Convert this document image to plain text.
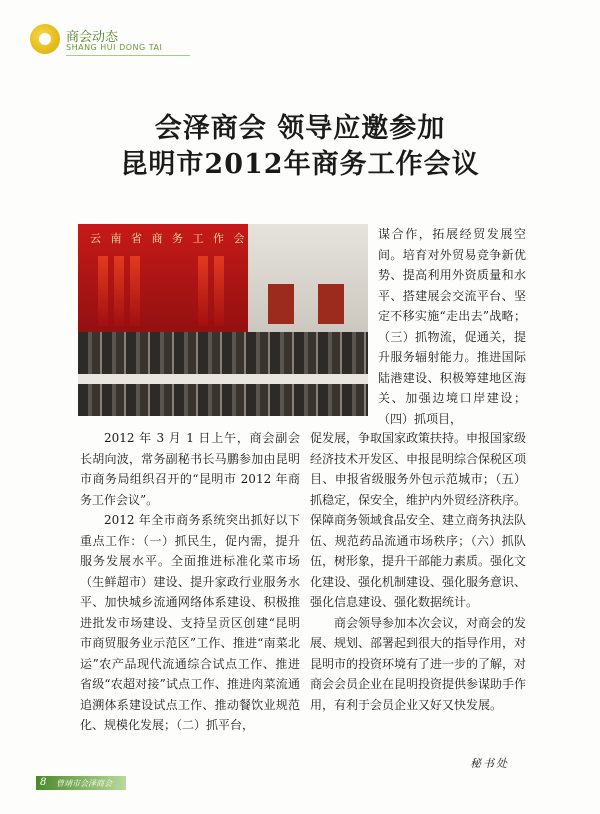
商会动态
SHANG HUI DONG TAI
会泽商会 领导应邀参加
昆明市2012年商务工作会议
云 南 省 商 务 工 作 会	谋合作，拓展经贸发展空间。培育对外贸易竞争新优势、提高利用外资质量和水平、搭建展会交流平台、坚定不移实施“走出去”战略；（三）抓物流，促通关，提升服务辐射能力。推进国际陆港建设、积极筹建地区海关、加强边境口岸建设；（四）抓项目，

2012 年 3 月 1 日上午，商会副会长胡向波，常务副秘书长马鹏参加由昆明市商务局组织召开的“昆明市 2012 年商务工作会议”。

2012 年全市商务系统突出抓好以下重点工作：（一）抓民生，促内需，提升服务发展水平。全面推进标准化菜市场（生鲜超市）建设、提升家政行业服务水平、加快城乡流通网络体系建设、积极推进批发市场建设、支持呈贡区创建“昆明市商贸服务业示范区”工作、推进“南菜北运”农产品现代流通综合试点工作、推进省级“农超对接”试点工作、推进肉菜流通追溯体系建设试点工作、推动餐饮业规范化、规模化发展；（二）抓平台，

促发展，争取国家政策扶持。申报国家级经济技术开发区、申报昆明综合保税区项目、申报省级服务外包示范城市；（五）抓稳定，保安全，维护内外贸经济秩序。保障商务领域食品安全、建立商务执法队伍、规范药品流通市场秩序；（六）抓队伍，树形象，提升干部能力素质。强化文化建设、强化机制建设、强化服务意识、强化信息建设、强化数据统计。

商会领导参加本次会议，对商会的发展、规划、部署起到很大的指导作用，对昆明市的投资环境有了进一步的了解，对商会会员企业在昆明投资提供参谋助手作用，有利于会员企业又好又快发展。

秘书处
8 曾靖市会泽商会
